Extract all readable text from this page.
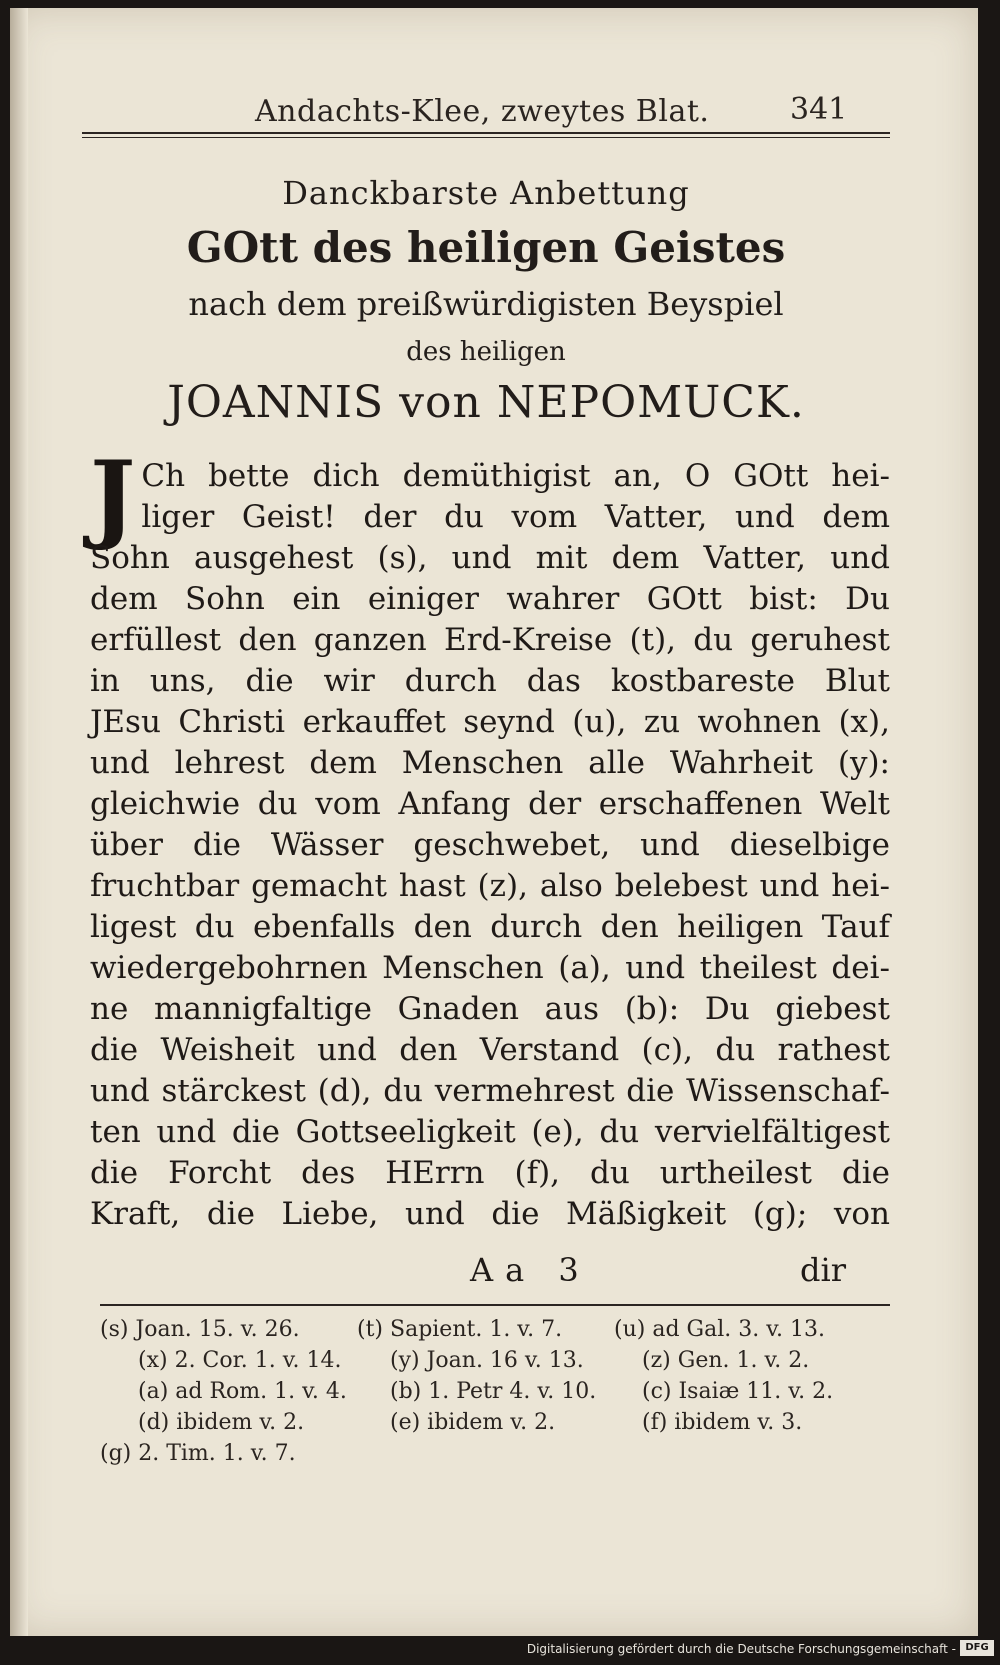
Andachts-Klee, zweytes Blat.	341
Danckbarste Anbettung
GOtt des heiligen Geistes
nach dem preißwürdigisten Beyspiel
des heiligen
JOANNIS von NEPOMUCK.
J Ch bette dich demüthigist an, O GOtt hei-
liger Geist! der du vom Vatter, und dem
Sohn ausgehest (s), und mit dem Vatter, und
dem Sohn ein einiger wahrer GOtt bist: Du
erfüllest den ganzen Erd-Kreise (t), du geruhest
in uns, die wir durch das kostbareste Blut
JEsu Christi erkauffet seynd (u), zu wohnen (x),
und lehrest dem Menschen alle Wahrheit (y):
gleichwie du vom Anfang der erschaffenen Welt
über die Wässer geschwebet, und dieselbige
fruchtbar gemacht hast (z), also belebest und hei-
ligest du ebenfalls den durch den heiligen Tauf
wiedergebohrnen Menschen (a), und theilest dei-
ne mannigfaltige Gnaden aus (b): Du giebest
die Weisheit und den Verstand (c), du rathest
und stärckest (d), du vermehrest die Wissenschaf-
ten und die Gottseeligkeit (e), du vervielfältigest
die Forcht des HErrn (f), du urtheilest die
Kraft, die Liebe, und die Mäßigkeit (g); von
Aa 3	dir
(s) Joan. 15. v. 26.	(t) Sapient. 1. v. 7. (u) ad Gal. 3. v. 13.
(x) 2. Cor. 1. v. 14. (y) Joan. 16 v. 13.	(z) Gen. 1. v. 2.
(a) ad Rom. 1. v. 4. (b) 1. Petr 4. v. 10. (c) Isaiæ 11. v. 2.
(d) ibidem v. 2.	(e) ibidem v. 2.	(f) ibidem v. 3.
(g) 2. Tim. 1. v. 7.
Digitalisierung gefördert durch die Deutsche Forschungsgemeinschaft - DFG
